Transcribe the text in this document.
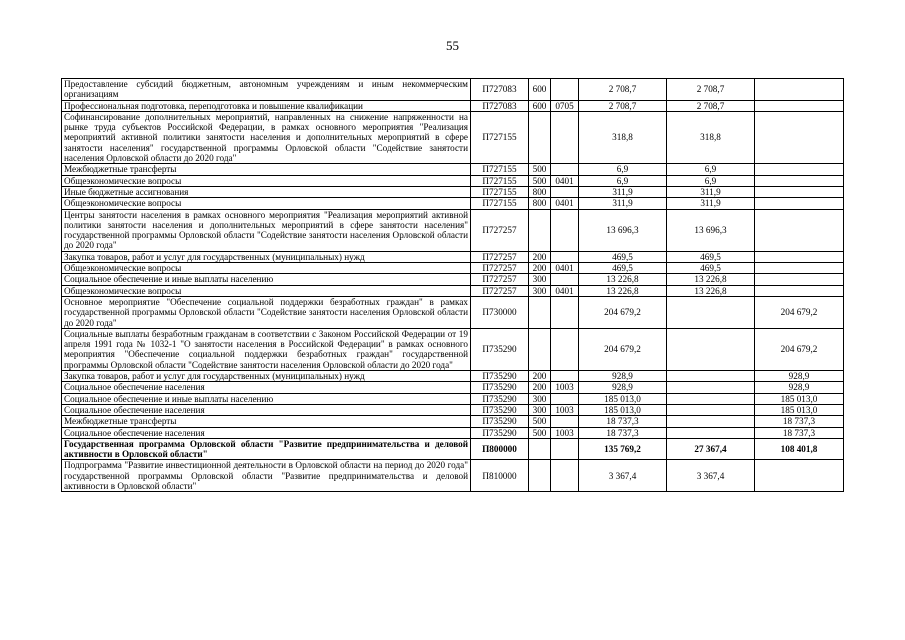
55
Предоставление субсидий бюджетным, автономным учреждениям и иным некоммерческим организациям	П727083	600		2 708,7	2 708,7	
Профессиональная подготовка, переподготовка и повышение квалификации	П727083	600	0705	2 708,7	2 708,7	
Софинансирование дополнительных мероприятий, направленных на снижение напряженности на рынке труда субъектов Российской Федерации, в рамках основного мероприятия "Реализация мероприятий активной политики занятости населения и дополнительных мероприятий в сфере занятости населения" государственной программы Орловской области "Содействие занятости населения Орловской области до 2020 года"	П727155			318,8	318,8	
Межбюджетные трансферты	П727155	500		6,9	6,9	
Общеэкономические вопросы	П727155	500	0401	6,9	6,9	
Иные бюджетные ассигнования	П727155	800		311,9	311,9	
Общеэкономические вопросы	П727155	800	0401	311,9	311,9	
Центры занятости населения в рамках основного мероприятия "Реализация мероприятий активной политики занятости населения и дополнительных мероприятий в сфере занятости населения" государственной программы Орловской области "Содействие занятости населения Орловской области до 2020 года"	П727257			13 696,3	13 696,3	
Закупка товаров, работ и услуг для государственных (муниципальных) нужд	П727257	200		469,5	469,5	
Общеэкономические вопросы	П727257	200	0401	469,5	469,5	
Социальное обеспечение и иные выплаты населению	П727257	300		13 226,8	13 226,8	
Общеэкономические вопросы	П727257	300	0401	13 226,8	13 226,8	
Основное мероприятие "Обеспечение социальной поддержки безработных граждан" в рамках государственной программы Орловской области "Содействие занятости населения Орловской области до 2020 года"	П730000			204 679,2		204 679,2
Социальные выплаты безработным гражданам в соответствии с Законом Российской Федерации от 19 апреля 1991 года № 1032-1 "О занятости населения в Российской Федерации" в рамках основного мероприятия "Обеспечение социальной поддержки безработных граждан" государственной программы Орловской области "Содействие занятости населения Орловской области до 2020 года"	П735290			204 679,2		204 679,2
Закупка товаров, работ и услуг для государственных (муниципальных) нужд	П735290	200		928,9		928,9
Социальное обеспечение населения	П735290	200	1003	928,9		928,9
Социальное обеспечение и иные выплаты населению	П735290	300		185 013,0		185 013,0
Социальное обеспечение населения	П735290	300	1003	185 013,0		185 013,0
Межбюджетные трансферты	П735290	500		18 737,3		18 737,3
Социальное обеспечение населения	П735290	500	1003	18 737,3		18 737,3
Государственная программа Орловской области "Развитие предпринимательства и деловой активности в Орловской области"	П800000			135 769,2	27 367,4	108 401,8
Подпрограмма "Развитие инвестиционной деятельности в Орловской области на период до 2020 года" государственной программы Орловской области "Развитие предпринимательства и деловой активности в Орловской области"	П810000			3 367,4	3 367,4	
